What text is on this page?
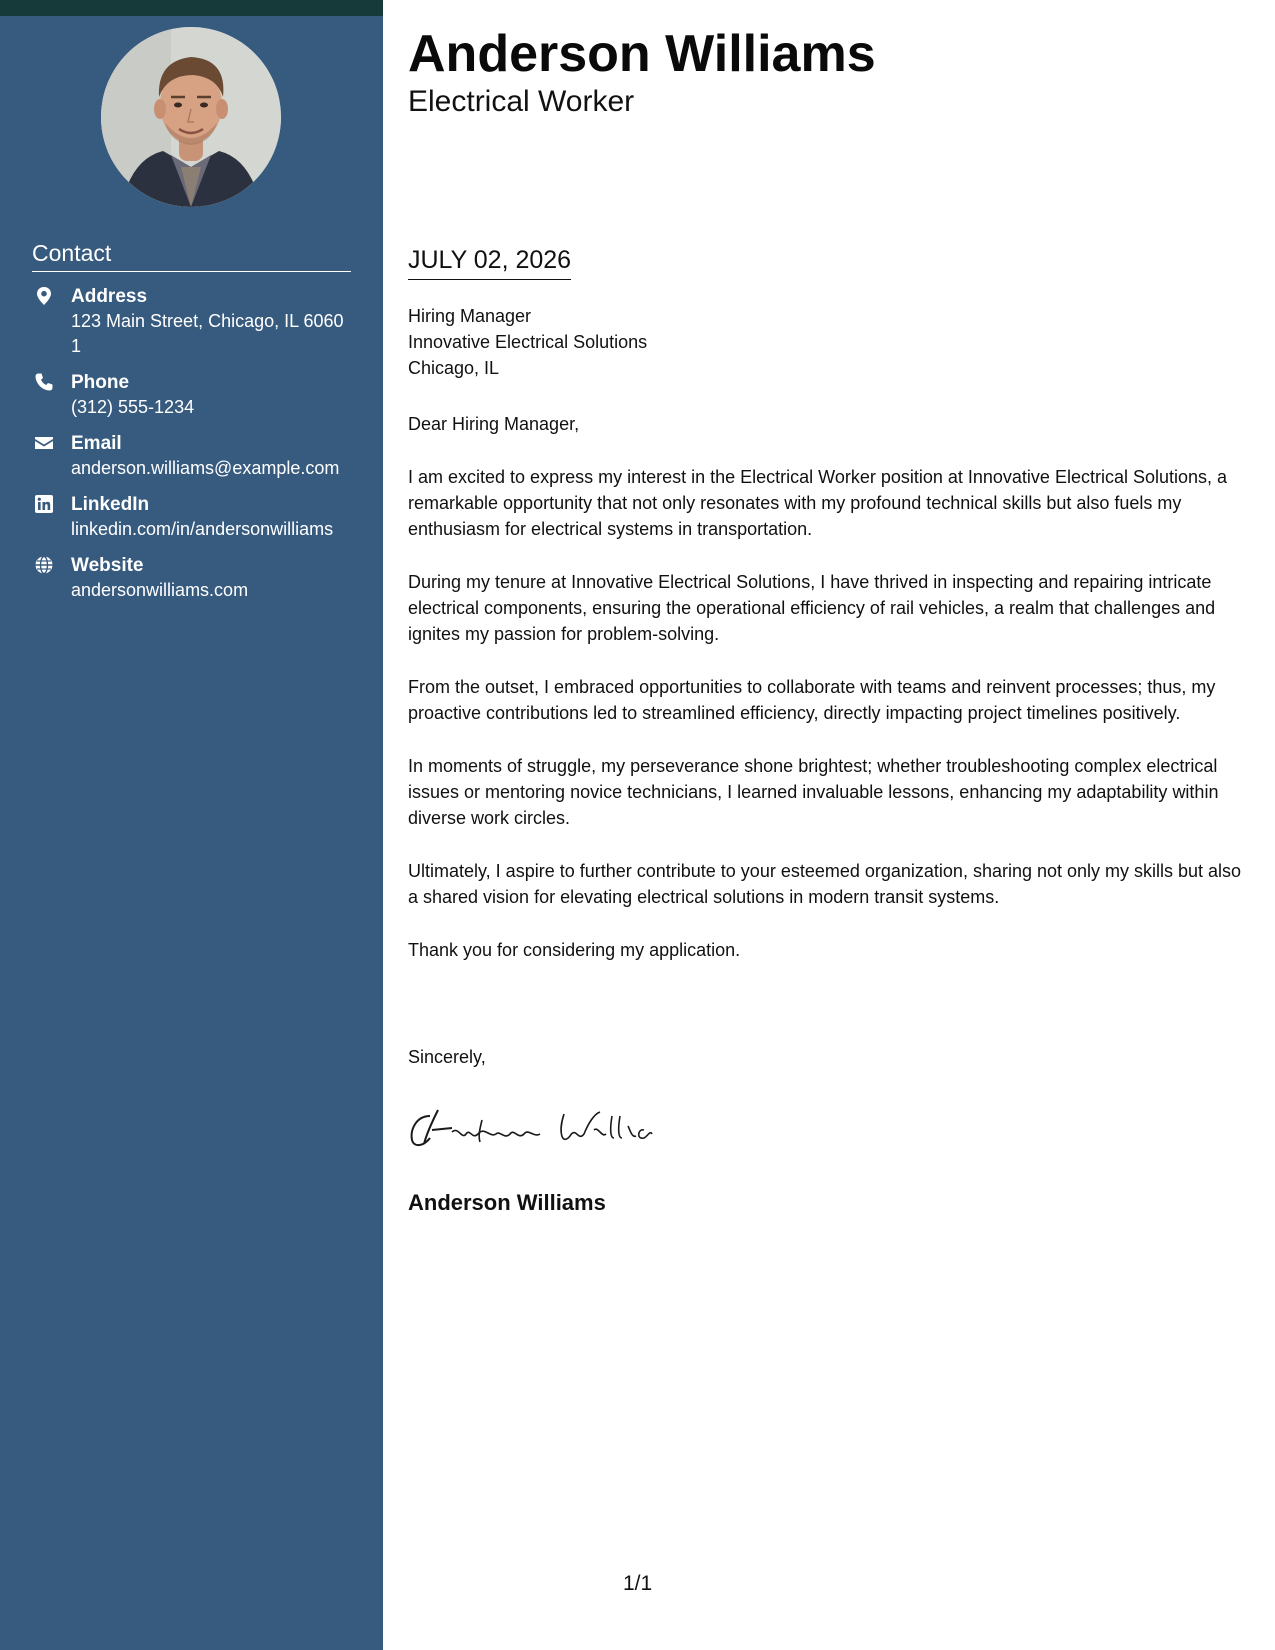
Contact
Address
123 Main Street, Chicago, IL 60601
Phone
(312) 555-1234
Email
anderson.williams@example.com
LinkedIn
linkedin.com/in/andersonwilliams
Website
andersonwilliams.com
Anderson Williams
Electrical Worker
JULY 02, 2026
Hiring Manager
Innovative Electrical Solutions
Chicago, IL

Dear Hiring Manager,

I am excited to express my interest in the Electrical Worker position at Innovative Electrical Solutions, a remarkable opportunity that not only resonates with my profound technical skills but also fuels my enthusiasm for electrical systems in transportation.

During my tenure at Innovative Electrical Solutions, I have thrived in inspecting and repairing intricate electrical components, ensuring the operational efficiency of rail vehicles, a realm that challenges and ignites my passion for problem-solving.

From the outset, I embraced opportunities to collaborate with teams and reinvent processes; thus, my proactive contributions led to streamlined efficiency, directly impacting project timelines positively.

In moments of struggle, my perseverance shone brightest; whether troubleshooting complex electrical issues or mentoring novice technicians, I learned invaluable lessons, enhancing my adaptability within diverse work circles.

Ultimately, I aspire to further contribute to your esteemed organization, sharing not only my skills but also a shared vision for elevating electrical solutions in modern transit systems.

Thank you for considering my application.

Sincerely,
Anderson Williams
1/1
